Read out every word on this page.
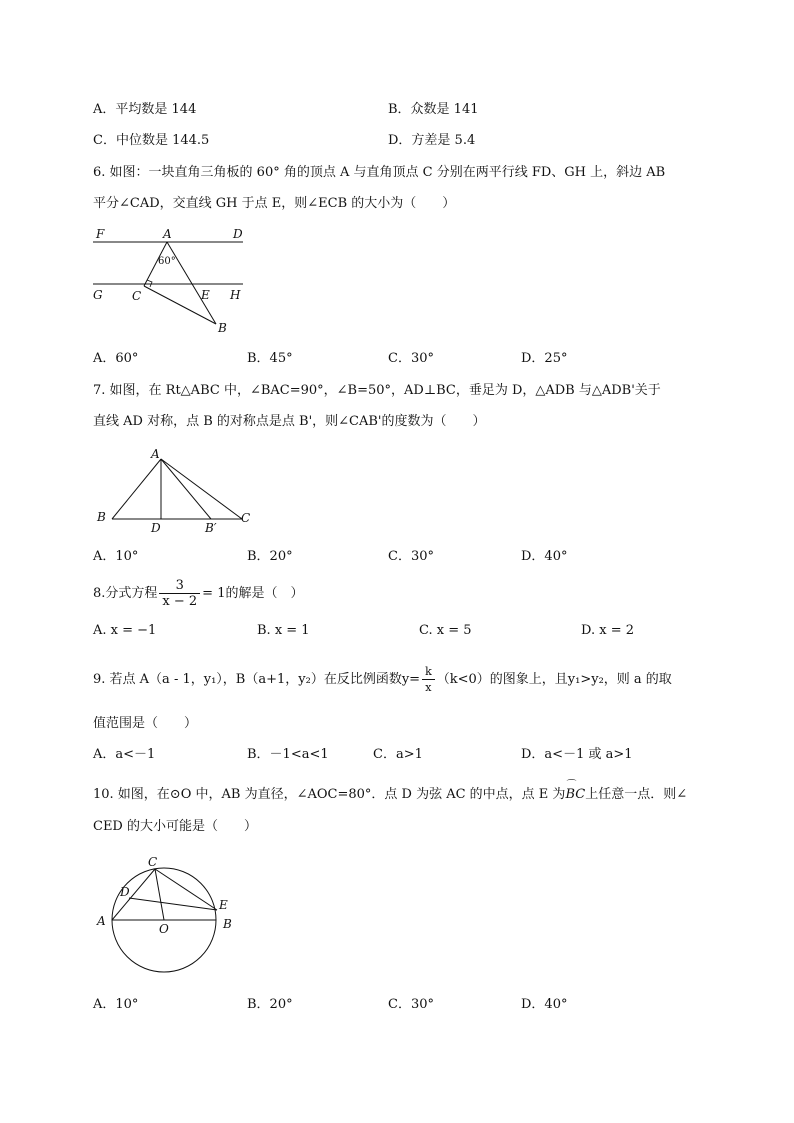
A．平均数是 144	B．众数是 141
C．中位数是 144.5	D．方差是 5.4
6. 如图：一块直角三角板的 60° 角的顶点 A 与直角顶点 C 分别在两平行线 FD、GH 上，斜边 AB
平分∠CAD，交直线 GH 于点 E，则∠ECB 的大小为（　　）
F	A	D
G C	E H
B
60°
A．60°	B．45°	C．30°	D．25°
7. 如图，在 Rt△ABC 中，∠BAC=90°，∠B=50°，AD⊥BC，垂足为 D，△ADB 与△ADB'关于
直线 AD 对称，点 B 的对称点是点 B'，则∠CAB'的度数为（　　）
A
B
D	B′
C
A．10°	B．20°	C．30°	D．40°
8.分式方程 $\frac{3}{x - 2} = 1$的解是（　）
A. x = −1	B. x = 1	C. x = 5	D. x = 2
9. 若点 A（a - 1，y₁），B（a+1，y₂）在反比例函数$y= \frac{k}{x} (k<0)$的图象上，且y₁>y₂，则 a 的取
值范围是（　　）
A．a<－1	B．－1<a<1	C．a>1	D．a<－1 或 a>1
10. 如图，在⊙O 中，AB 为直径，∠AOC=80°．点 D 为弦 AC 的中点，点 E 为⌒ BC上任意一点．则∠
CED 的大小可能是（　　）
C
D
A
O
E
B
A．10°	B．20°	C．30°	D．40°
